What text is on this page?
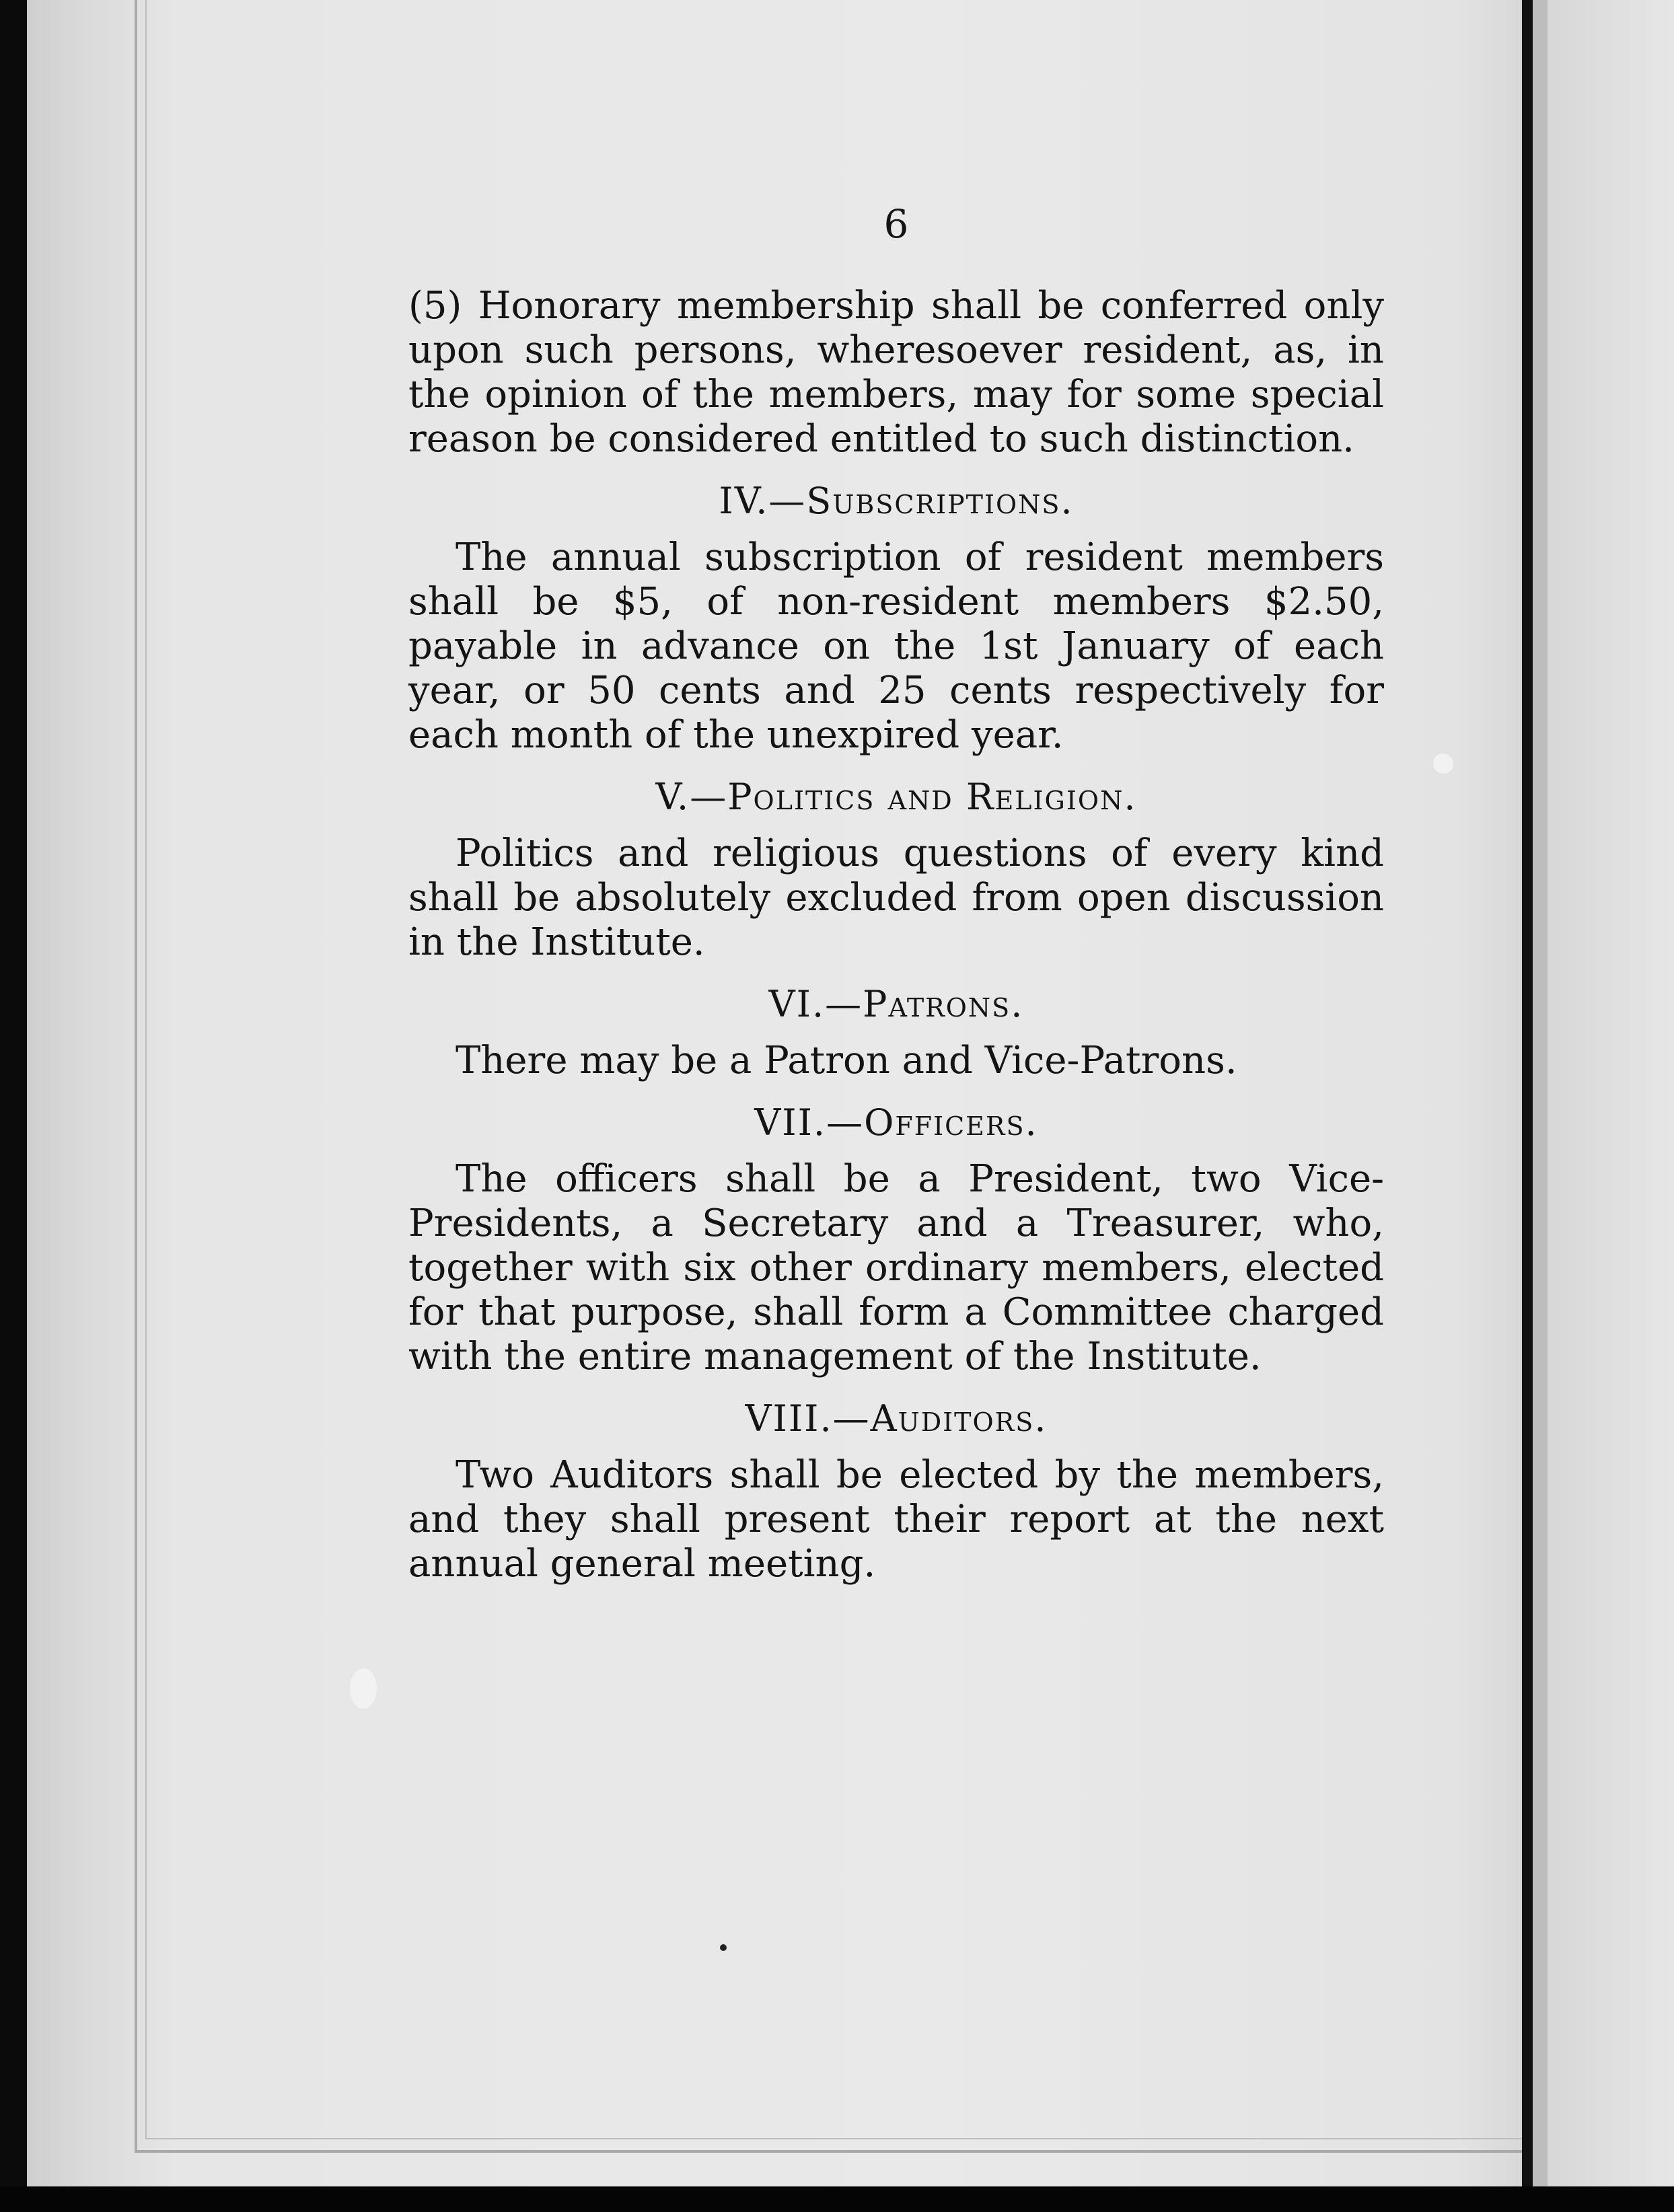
6

(5) Honorary membership shall be conferred only upon such persons, wheresoever resident, as, in the opinion of the members, may for some special reason be considered entitled to such distinction.

IV.—Subscriptions.

The annual subscription of resident members shall be $5, of non-resident members $2.50, payable in advance on the 1st January of each year, or 50 cents and 25 cents respectively for each month of the unexpired year.

V.—Politics and Religion.

Politics and religious questions of every kind shall be absolutely excluded from open discussion in the Institute.

VI.—Patrons.

There may be a Patron and Vice-Patrons.

VII.—Officers.

The officers shall be a President, two Vice-Presidents, a Secretary and a Treasurer, who, together with six other ordinary members, elected for that purpose, shall form a Committee charged with the entire management of the Institute.

VIII.—Auditors.

Two Auditors shall be elected by the members, and they shall present their report at the next annual general meeting.
